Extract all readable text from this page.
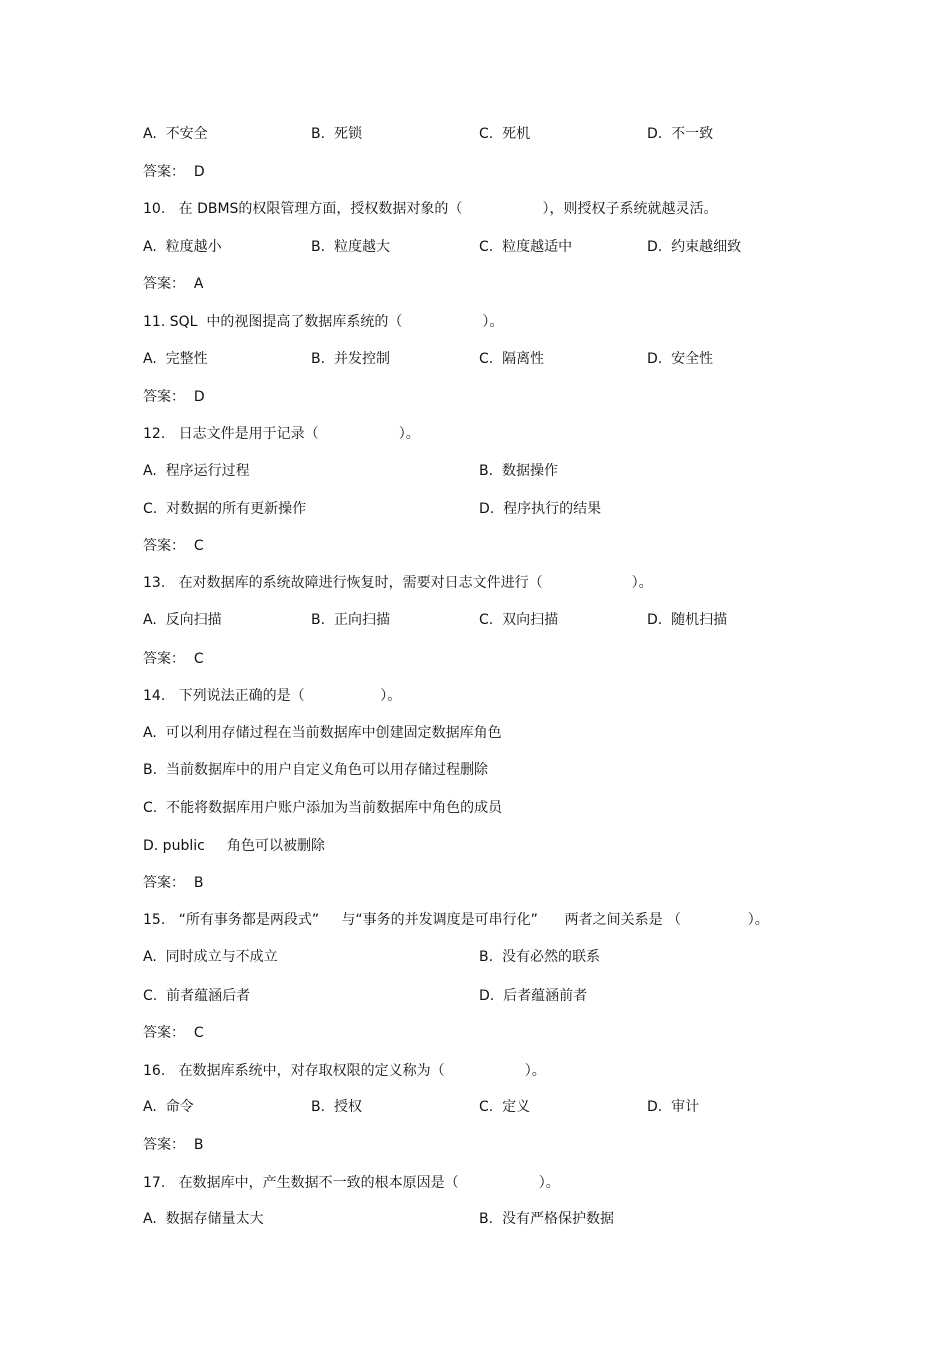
A.  不安全

	B.  死锁

	C.  死机

	D.  不一致

答案：  D
10.   在 DBMS的权限管理方面，授权数据对象的（                  ），则授权子系统就越灵活。

A.  粒度越小

	B.  粒度越大

	C.  粒度越适中

	D.  约束越细致

答案：  A
11. SQL  中的视图提高了数据库系统的（                  ）。

A.  完整性

	B.  并发控制

	C.  隔离性

	D.  安全性

答案：  D
12.   日志文件是用于记录（                  ）。

A.  程序运行过程

	B.  数据操作

C.  对数据的所有更新操作

	D.  程序执行的结果

答案：  C
13.   在对数据库的系统故障进行恢复时，需要对日志文件进行（                    ）。

A.  反向扫描

	B.  正向扫描

	C.  双向扫描

	D.  随机扫描

答案：  C
14.   下列说法正确的是（                 ）。
A.  可以利用存储过程在当前数据库中创建固定数据库角色
B.  当前数据库中的用户自定义角色可以用存储过程删除
C.  不能将数据库用户账户添加为当前数据库中角色的成员
D. public     角色可以被删除
答案：  B
15.   “所有事务都是两段式”     与“事务的并发调度是可串行化”      两者之间关系是 （               ）。

A.  同时成立与不成立

	B.  没有必然的联系

C.  前者蕴涵后者

	D.  后者蕴涵前者

答案：  C
16.   在数据库系统中，对存取权限的定义称为（                  ）。

A.  命令

	B.  授权

	C.  定义

	D.  审计

答案：  B
17.   在数据库中，产生数据不一致的根本原因是（                  ）。

A.  数据存储量太大

	B.  没有严格保护数据
